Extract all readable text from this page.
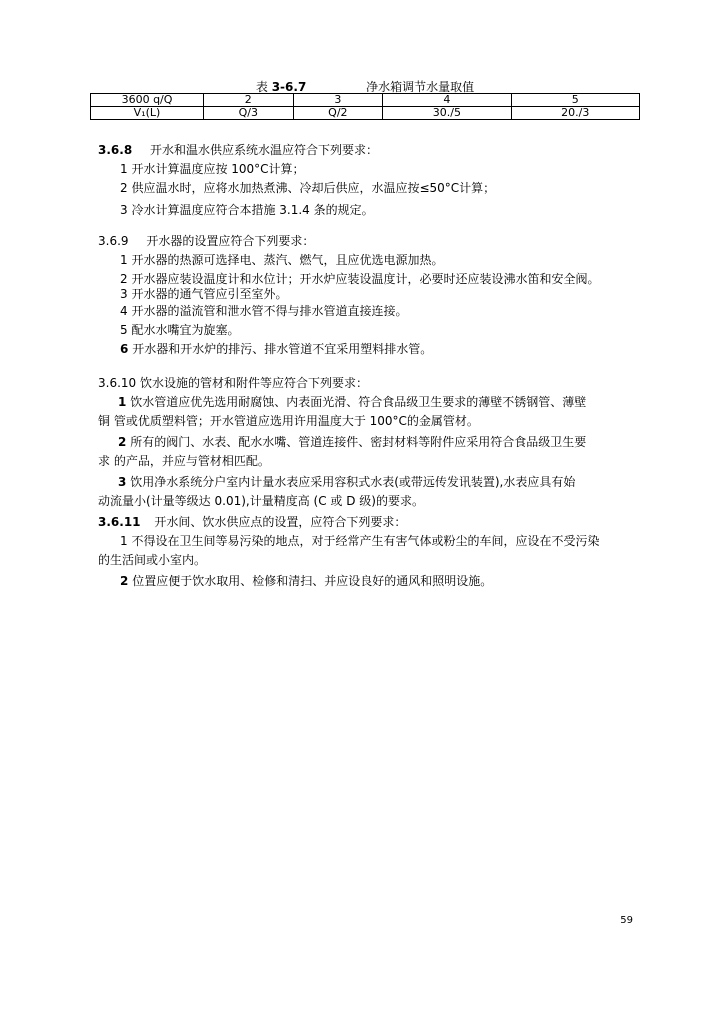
表 3-6.7	净水箱调节水量取值
3600 q/Q	2	3	4	5
V₁(L)	Q/3	Q/2	30./5	20./3
3.6.8 开水和温水供应系统水温应符合下列要求：
1 开水计算温度应按 100°C计算；
2 供应温水时，应将水加热煮沸、冷却后供应，水温应按≤50°C计算；
3 冷水计算温度应符合本措施 3.1.4 条的规定。
3.6.9 开水器的设置应符合下列要求：
1 开水器的热源可选择电、蒸汽、燃气，且应优选电源加热。
2 开水器应装设温度计和水位计；开水炉应装设温度计，必要时还应装设沸水笛和安全阀。
3 开水器的通气管应引至室外。
4 开水器的溢流管和泄水管不得与排水管道直接连接。
5 配水水嘴宜为旋塞。
6 开水器和开水炉的排污、排水管道不宜采用塑料排水管。
3.6.10 饮水设施的管材和附件等应符合下列要求：
1 饮水管道应优先选用耐腐蚀、内表面光滑、符合食品级卫生要求的薄壁不锈钢管、薄壁
铜 管或优质塑料管；开水管道应选用许用温度大于 100°C的金属管材。
2 所有的阀门、水表、配水水嘴、管道连接件、密封材料等附件应采用符合食品级卫生要
求 的产品，并应与管材相匹配。
3 饮用净水系统分户室内计量水表应采用容积式水表(或带远传发讯装置),水表应具有始
动流量小(计量等级达 0.01),计量精度高 (C 或 D 级)的要求。
3.6.11 开水间、饮水供应点的设置，应符合下列要求：
1 不得设在卫生间等易污染的地点，对于经常产生有害气体或粉尘的车间，应设在不受污染
的生活间或小室内。
2 位置应便于饮水取用、检修和清扫、并应设良好的通风和照明设施。
59
